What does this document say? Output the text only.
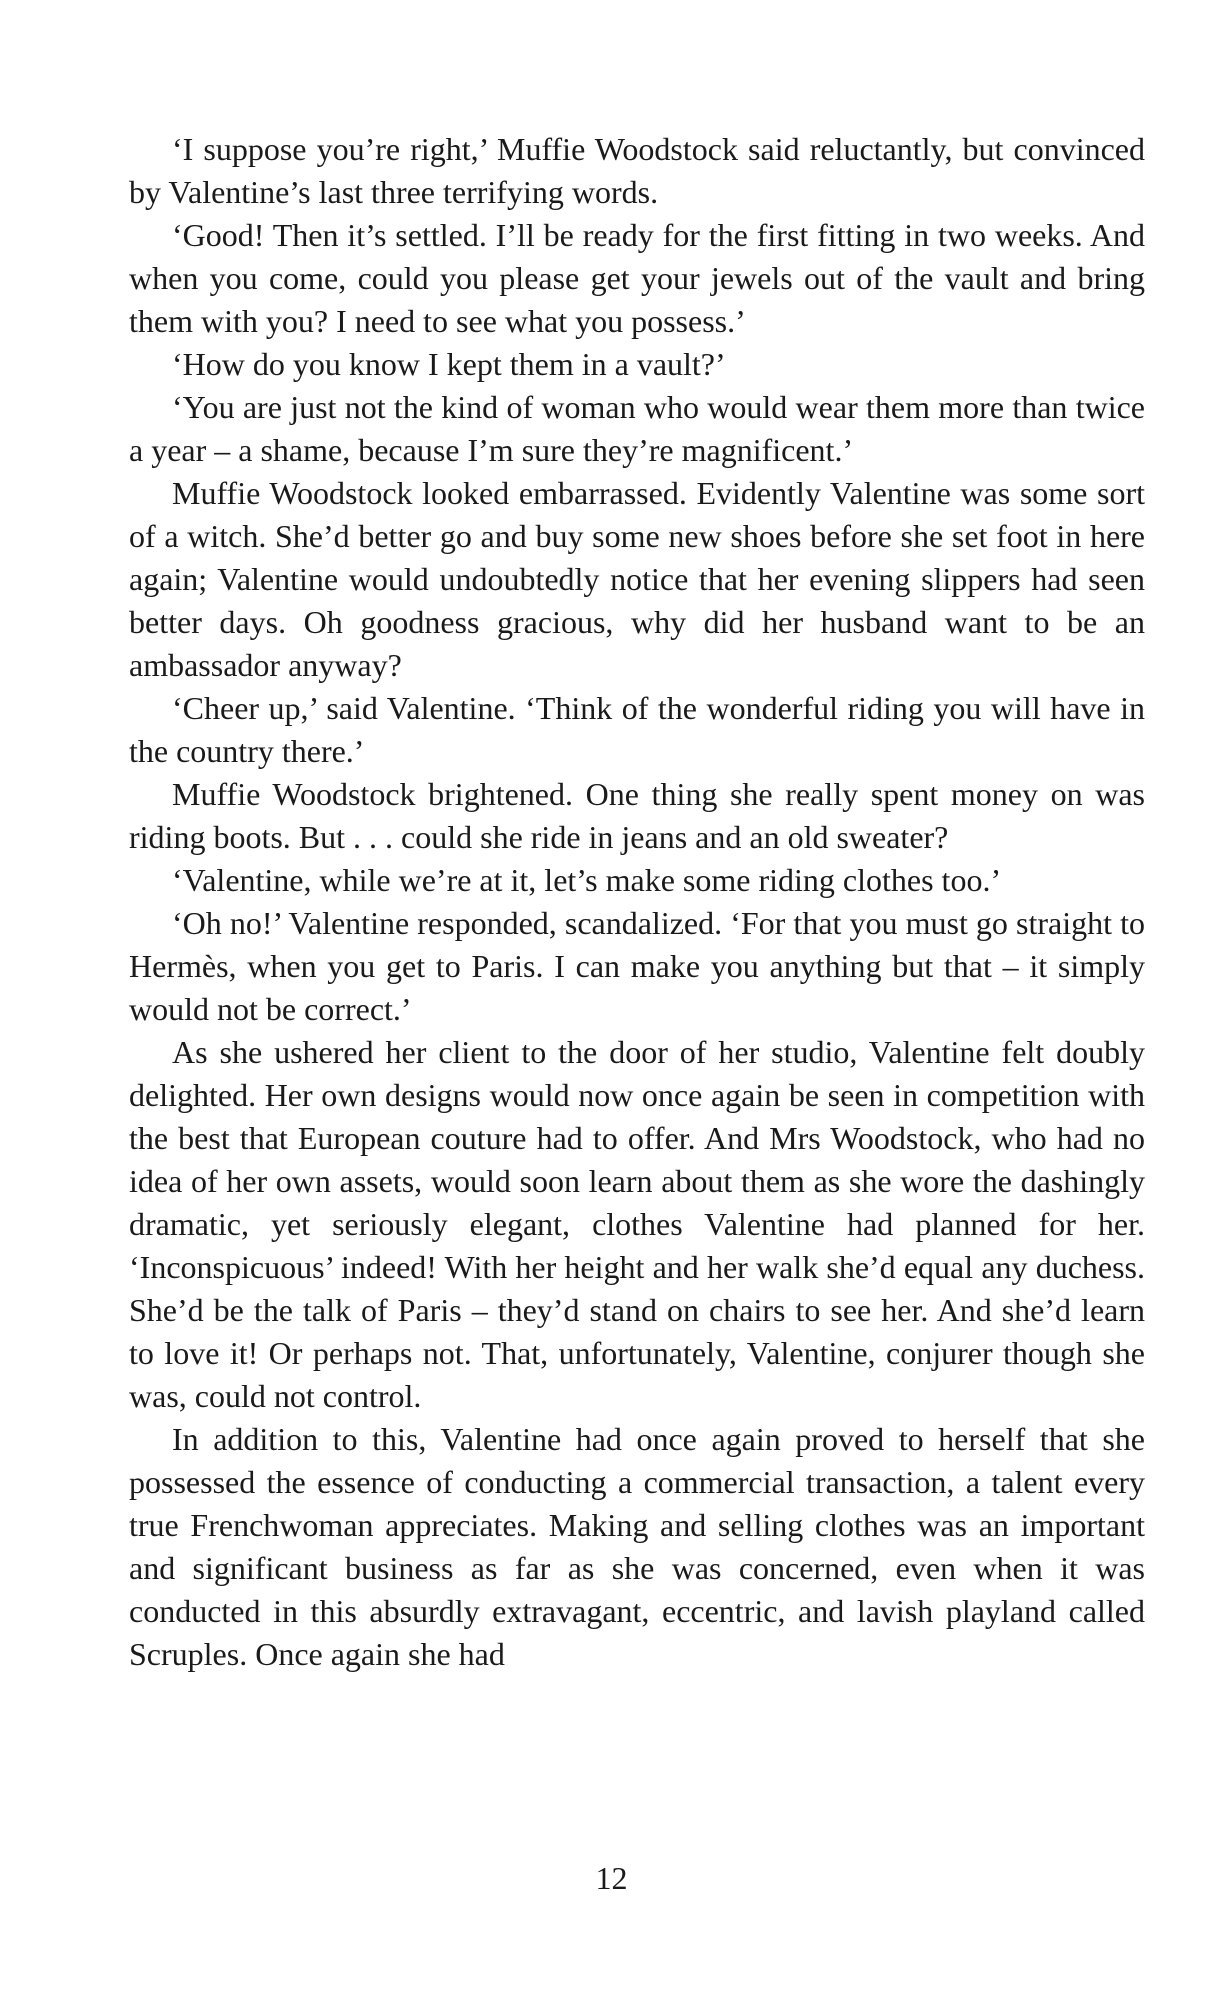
‘I suppose you’re right,’ Muffie Woodstock said reluctantly, but convinced by Valentine’s last three terrifying words.

‘Good! Then it’s settled. I’ll be ready for the first fitting in two weeks. And when you come, could you please get your jewels out of the vault and bring them with you? I need to see what you possess.’

‘How do you know I kept them in a vault?’

‘You are just not the kind of woman who would wear them more than twice a year – a shame, because I’m sure they’re magnificent.’

Muffie Woodstock looked embarrassed. Evidently Valentine was some sort of a witch. She’d better go and buy some new shoes before she set foot in here again; Valentine would undoubtedly notice that her evening slippers had seen better days. Oh goodness gracious, why did her husband want to be an ambassador anyway?

‘Cheer up,’ said Valentine. ‘Think of the wonderful riding you will have in the country there.’

Muffie Woodstock brightened. One thing she really spent money on was riding boots. But . . . could she ride in jeans and an old sweater?

‘Valentine, while we’re at it, let’s make some riding clothes too.’

‘Oh no!’ Valentine responded, scandalized. ‘For that you must go straight to Hermès, when you get to Paris. I can make you anything but that – it simply would not be correct.’

As she ushered her client to the door of her studio, Valentine felt doubly delighted. Her own designs would now once again be seen in competition with the best that European couture had to offer. And Mrs Woodstock, who had no idea of her own assets, would soon learn about them as she wore the dashingly dramatic, yet seriously elegant, clothes Valentine had planned for her. ‘Inconspicuous’ indeed! With her height and her walk she’d equal any duchess. She’d be the talk of Paris – they’d stand on chairs to see her. And she’d learn to love it! Or perhaps not. That, unfortunately, Valentine, conjurer though she was, could not control.

In addition to this, Valentine had once again proved to herself that she possessed the essence of conducting a commercial transaction, a talent every true Frenchwoman appreciates. Making and selling clothes was an important and significant business as far as she was concerned, even when it was conducted in this absurdly extravagant, eccentric, and lavish playland called Scruples. Once again she had

12
